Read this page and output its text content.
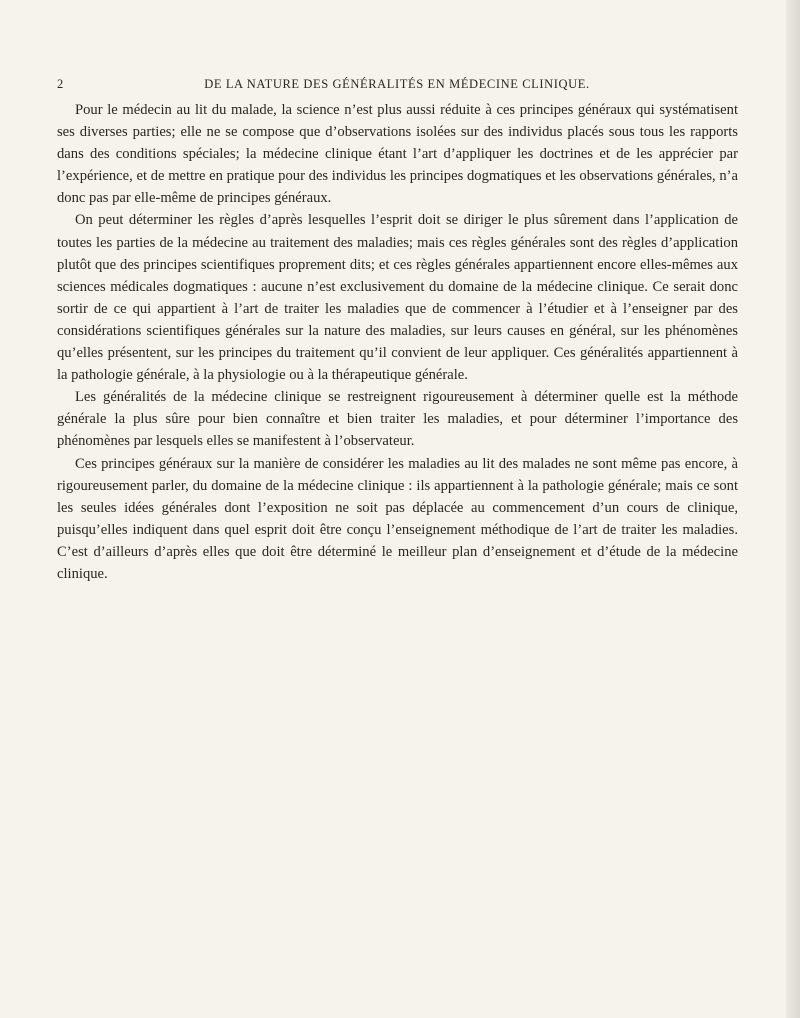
2	DE LA NATURE DES GÉNÉRALITÉS EN MÉDECINE CLINIQUE.

Pour le médecin au lit du malade, la science n’est plus aussi réduite à ces principes généraux qui systématisent ses diverses parties; elle ne se compose que d’observations isolées sur des individus placés sous tous les rapports dans des conditions spéciales; la médecine clinique étant l’art d’appliquer les doctrines et de les apprécier par l’expérience, et de mettre en pratique pour des individus les principes dogmatiques et les observations générales, n’a donc pas par elle-même de principes généraux.

On peut déterminer les règles d’après lesquelles l’esprit doit se diriger le plus sûrement dans l’application de toutes les parties de la médecine au traitement des maladies; mais ces règles générales sont des règles d’application plutôt que des principes scientifiques proprement dits; et ces règles générales appartiennent encore elles-mêmes aux sciences médicales dogmatiques : aucune n’est exclusivement du domaine de la médecine clinique. Ce serait donc sortir de ce qui appartient à l’art de traiter les maladies que de commencer à l’étudier et à l’enseigner par des considérations scientifiques générales sur la nature des maladies, sur leurs causes en général, sur les phénomènes qu’elles présentent, sur les principes du traitement qu’il convient de leur appliquer. Ces généralités appartiennent à la pathologie générale, à la physiologie ou à la thérapeutique générale.

Les généralités de la médecine clinique se restreignent rigoureusement à déterminer quelle est la méthode générale la plus sûre pour bien connaître et bien traiter les maladies, et pour déterminer l’importance des phénomènes par lesquels elles se manifestent à l’observateur.

Ces principes généraux sur la manière de considérer les maladies au lit des malades ne sont même pas encore, à rigoureusement parler, du domaine de la médecine clinique : ils appartiennent à la pathologie générale; mais ce sont les seules idées générales dont l’exposition ne soit pas déplacée au commencement d’un cours de clinique, puisqu’elles indiquent dans quel esprit doit être conçu l’enseignement méthodique de l’art de traiter les maladies. C’est d’ailleurs d’après elles que doit être déterminé le meilleur plan d’enseignement et d’étude de la médecine clinique.
